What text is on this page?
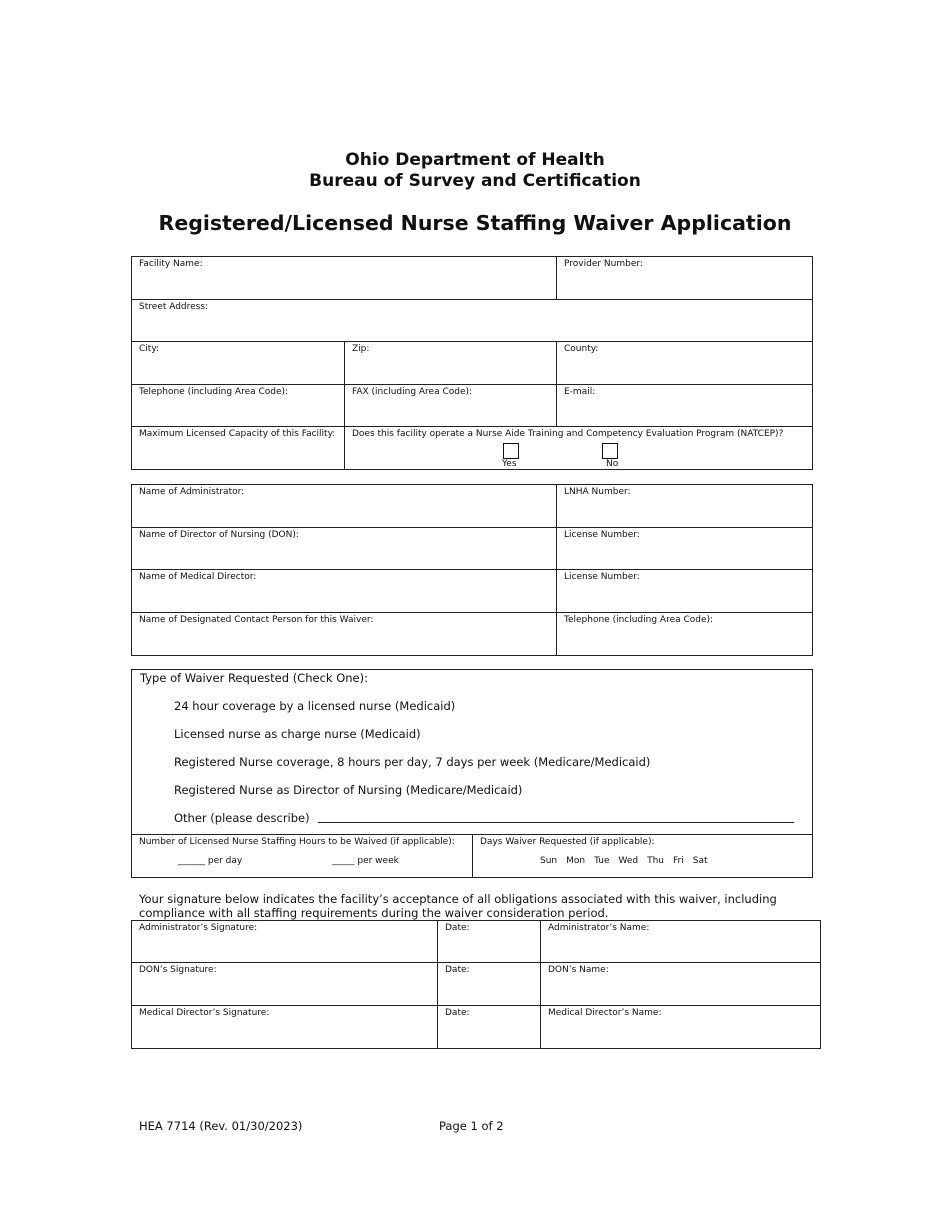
Ohio Department of Health
Bureau of Survey and Certification
Registered/Licensed Nurse Staffing Waiver Application
Facility Name:	Provider Number:
Street Address:
City:	Zip:	County:
Telephone (including Area Code):	FAX (including Area Code):	E-mail:
Maximum Licensed Capacity of this Facility: Does this facility operate a Nurse Aide Training and Competency Evaluation Program (NATCEP)?
Yes	No
Name of Administrator:	LNHA Number:
Name of Director of Nursing (DON):	License Number:
Name of Medical Director:	License Number:
Name of Designated Contact Person for this Waiver:	Telephone (including Area Code):
Type of Waiver Requested (Check One):
24 hour coverage by a licensed nurse (Medicaid)
Licensed nurse as charge nurse (Medicaid)
Registered Nurse coverage, 8 hours per day, 7 days per week (Medicare/Medicaid)
Registered Nurse as Director of Nursing (Medicare/Medicaid)
Other (please describe)
Number of Licensed Nurse Staffing Hours to be Waived (if applicable):
______ per day	_____ per week
Days Waiver Requested (if applicable):
Sun Mon Tue Wed Thu Fri Sat
Your signature below indicates the facility’s acceptance of all obligations associated with this waiver, including compliance with all staffing requirements during the waiver consideration period.
Administrator’s Signature:	Date:	Administrator’s Name:
DON’s Signature:	Date:	DON’s Name:
Medical Director’s Signature:	Date:	Medical Director’s Name:
HEA 7714 (Rev. 01/30/2023)	Page 1 of 2
